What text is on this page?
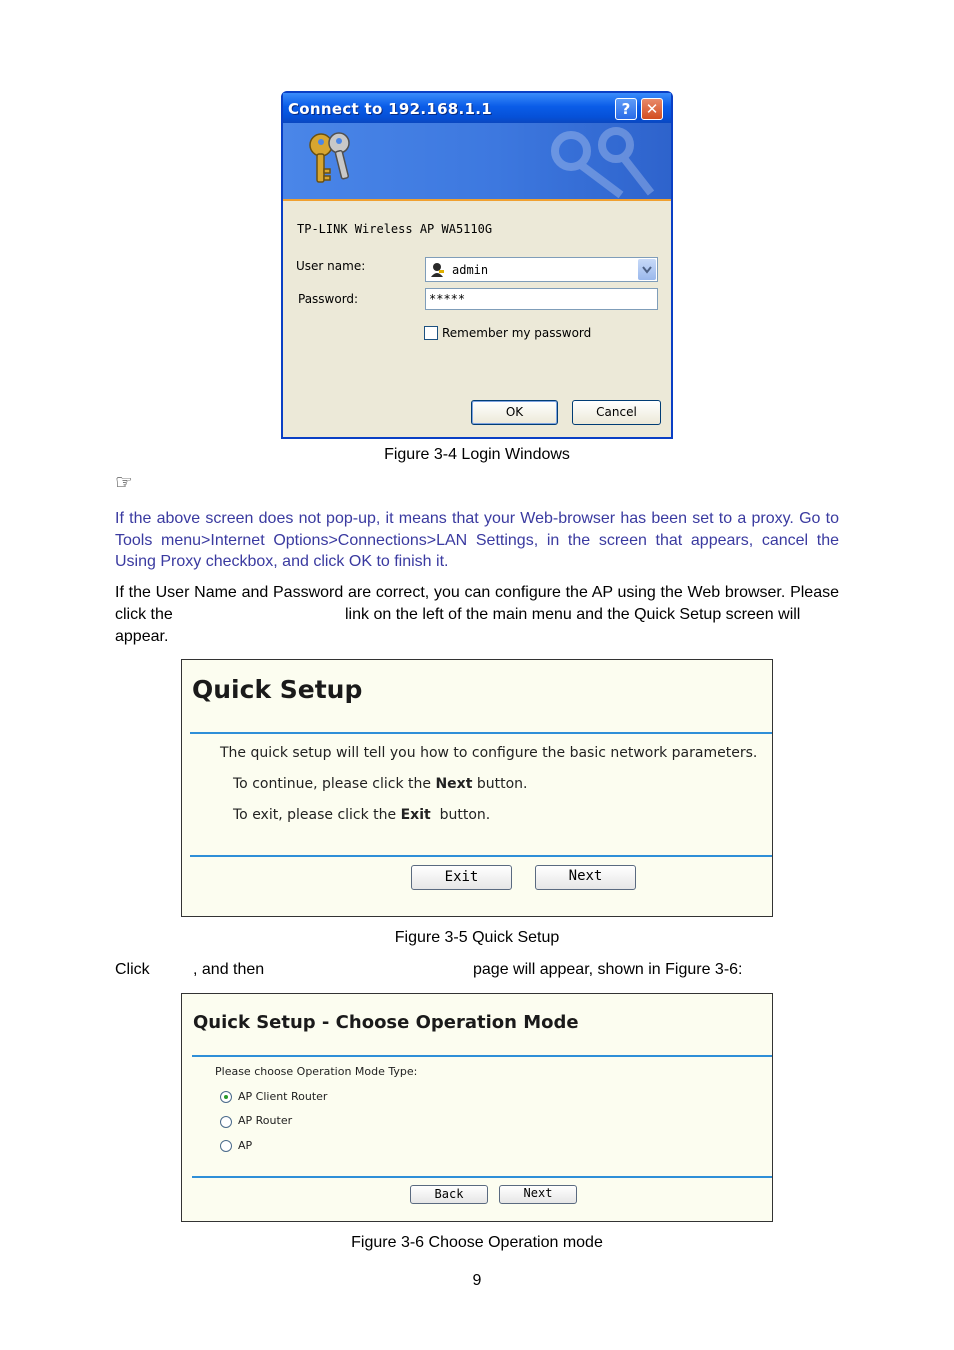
Connect to 192.168.1.1	?	✕
TP-LINK Wireless AP WA5110G
User name:	admin
Password:	*****
Remember my password
OK	Cancel
Figure 3-4 Login Windows
☞
If the above screen does not pop-up, it means that your Web-browser has been set to a proxy. Go to Tools menu>Internet Options>Connections>LAN Settings, in the screen that appears, cancel the Using Proxy checkbox, and click OK to finish it.
If the User Name and Password are correct, you can configure the AP using the Web browser. Please click the	link on the left of the main menu and the Quick Setup screen will appear.
Quick Setup
The quick setup will tell you how to configure the basic network parameters.
To continue, please click the Next button.
To exit, please click the Exit  button.
Exit	Next
Figure 3-5 Quick Setup
Click	, and then	page will appear, shown in Figure 3-6:
Quick Setup - Choose Operation Mode
Please choose Operation Mode Type:
AP Client Router
AP Router
AP
Back	Next
Figure 3-6 Choose Operation mode
9
